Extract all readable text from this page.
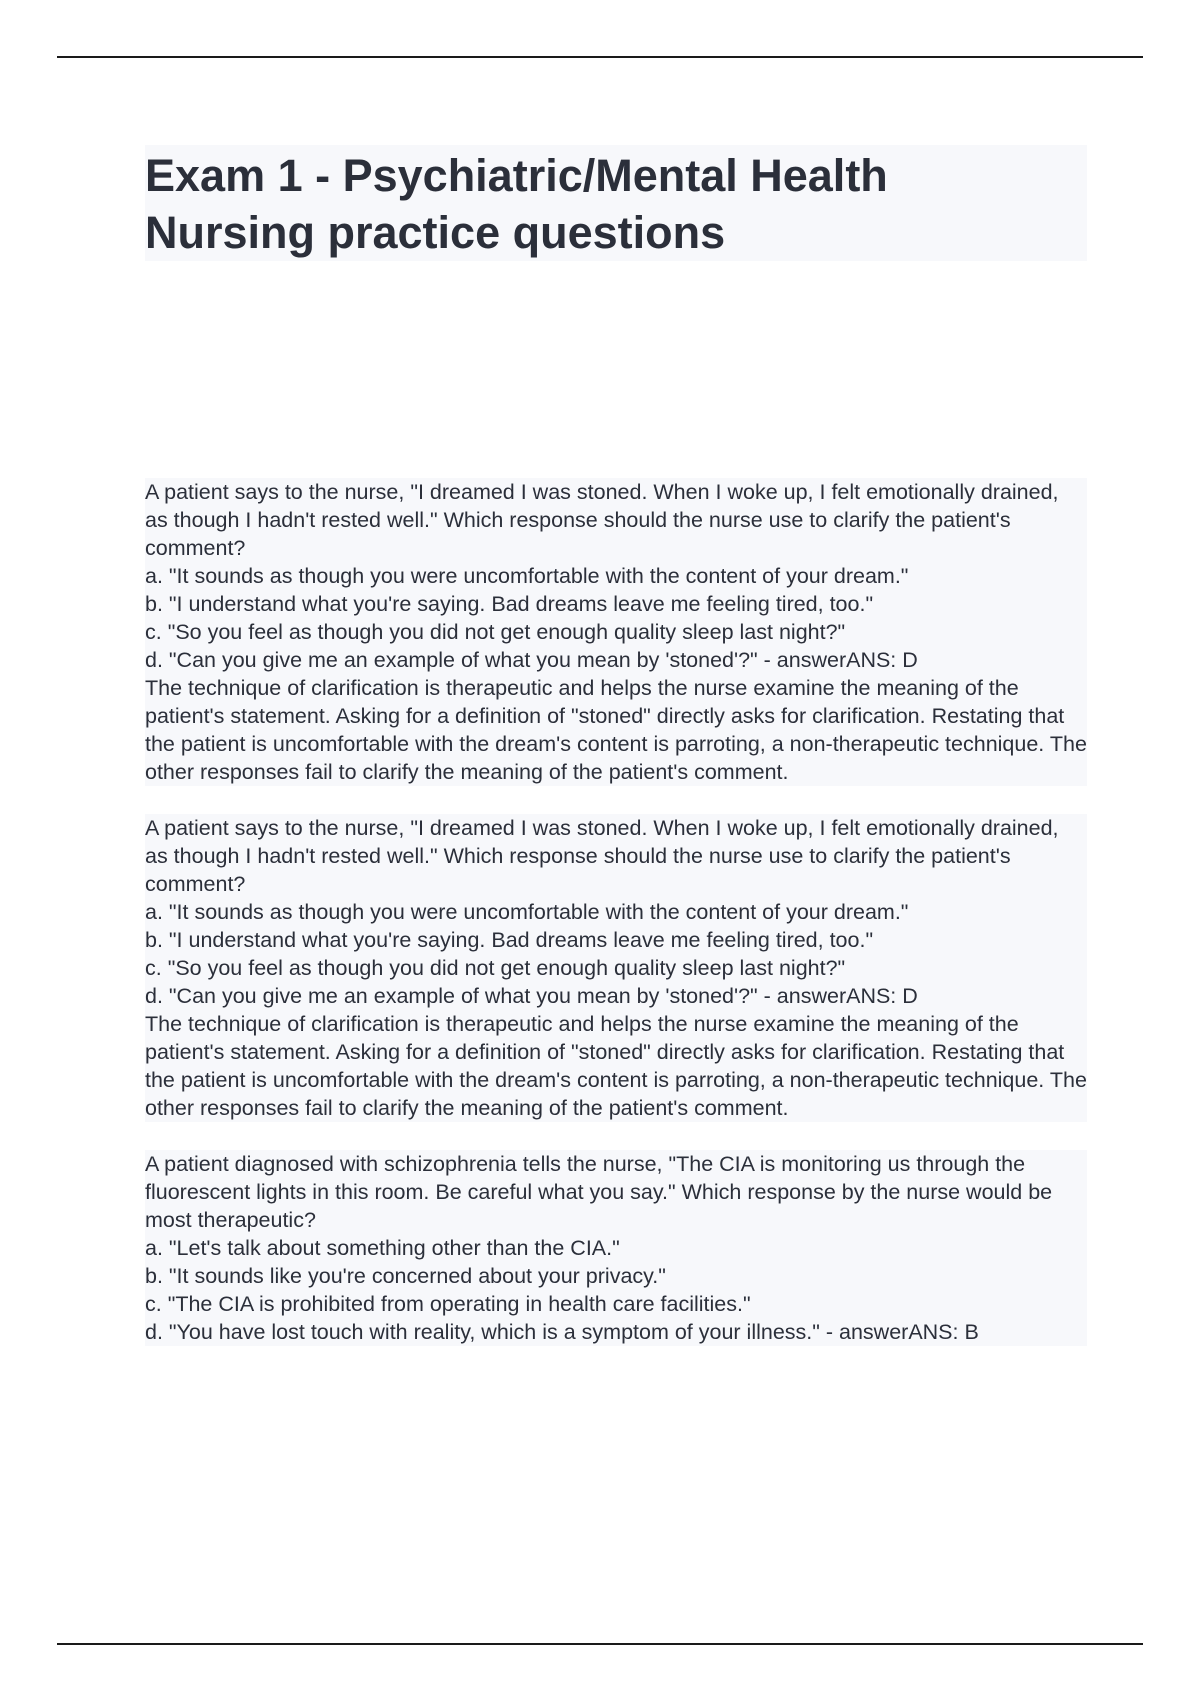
Exam 1 - Psychiatric/Mental Health
Nursing practice questions

A patient says to the nurse, "I dreamed I was stoned. When I woke up, I felt emotionally drained, as though I hadn't rested well." Which response should the nurse use to clarify the patient's comment?

a. "It sounds as though you were uncomfortable with the content of your dream."

b. "I understand what you're saying. Bad dreams leave me feeling tired, too."

c. "So you feel as though you did not get enough quality sleep last night?"

d. "Can you give me an example of what you mean by 'stoned'?" - answerANS: D

The technique of clarification is therapeutic and helps the nurse examine the meaning of the patient's statement. Asking for a definition of "stoned" directly asks for clarification. Restating that the patient is uncomfortable with the dream's content is parroting, a non-therapeutic technique. The other responses fail to clarify the meaning of the patient's comment.

A patient says to the nurse, "I dreamed I was stoned. When I woke up, I felt emotionally drained, as though I hadn't rested well." Which response should the nurse use to clarify the patient's comment?

a. "It sounds as though you were uncomfortable with the content of your dream."

b. "I understand what you're saying. Bad dreams leave me feeling tired, too."

c. "So you feel as though you did not get enough quality sleep last night?"

d. "Can you give me an example of what you mean by 'stoned'?" - answerANS: D

The technique of clarification is therapeutic and helps the nurse examine the meaning of the patient's statement. Asking for a definition of "stoned" directly asks for clarification. Restating that the patient is uncomfortable with the dream's content is parroting, a non-therapeutic technique. The other responses fail to clarify the meaning of the patient's comment.

A patient diagnosed with schizophrenia tells the nurse, "The CIA is monitoring us through the fluorescent lights in this room. Be careful what you say." Which response by the nurse would be most therapeutic?

a. "Let's talk about something other than the CIA."

b. "It sounds like you're concerned about your privacy."

c. "The CIA is prohibited from operating in health care facilities."

d. "You have lost touch with reality, which is a symptom of your illness." - answerANS: B
